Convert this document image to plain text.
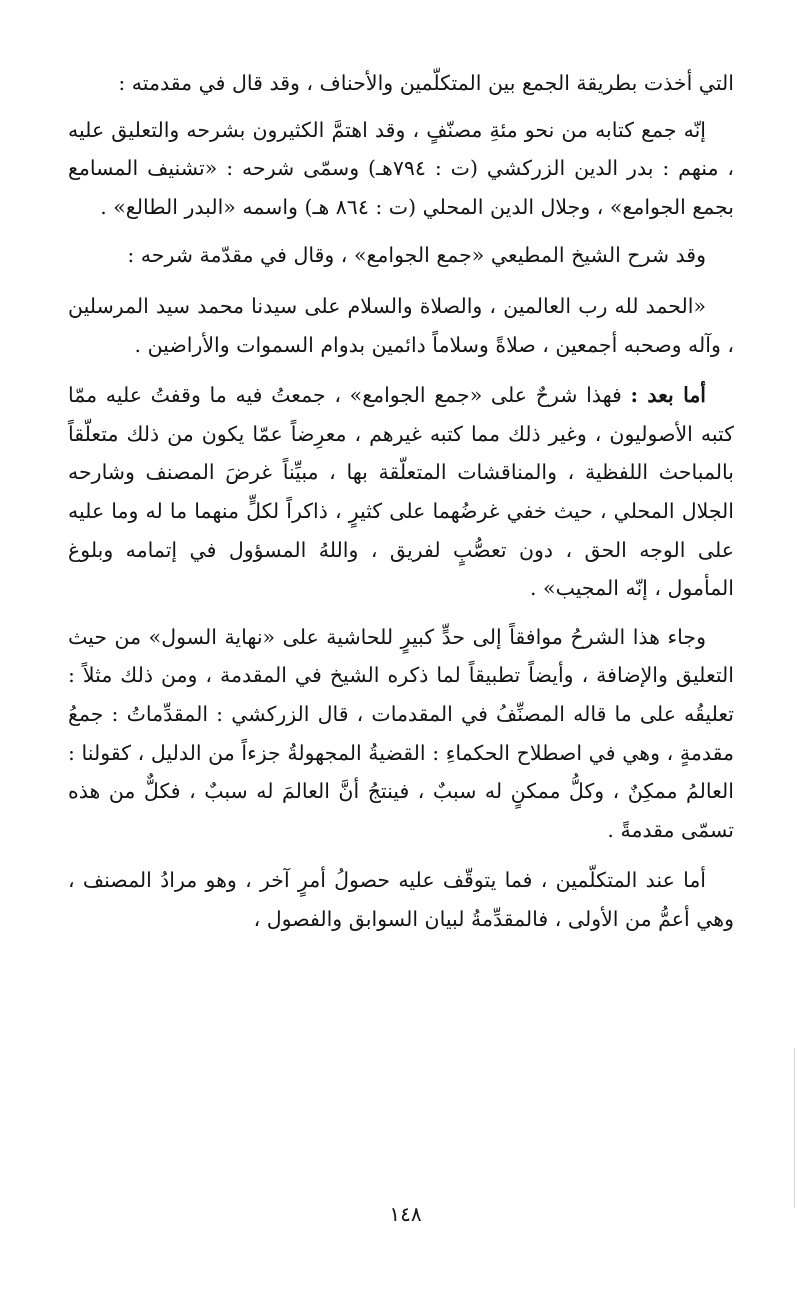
التي أخذت بطريقة الجمع بين المتكلّمين والأحناف ، وقد قال في مقدمته :

إنّه جمع كتابه من نحو مئةِ مصنّفٍ ، وقد اهتمَّ الكثيرون بشرحه والتعليق عليه ، منهم : بدر الدين الزركشي (ت : ٧٩٤هـ) وسمّى شرحه : «تشنيف المسامع بجمع الجوامع» ، وجلال الدين المحلي (ت : ٨٦٤ هـ) واسمه «البدر الطالع» .

وقد شرح الشيخ المطيعي «جمع الجوامع» ، وقال في مقدّمة شرحه :

«الحمد لله رب العالمين ، والصلاة والسلام على سيدنا محمد سيد المرسلين ، وآله وصحبه أجمعين ، صلاةً وسلاماً دائمين بدوام السموات والأراضين .

أما بعد : فهذا شرحٌ على «جمع الجوامع» ، جمعتُ فيه ما وقفتُ عليه ممّا كتبه الأصوليون ، وغير ذلك مما كتبه غيرهم ، معرِضاً عمّا يكون من ذلك متعلّقاً بالمباحث اللفظية ، والمناقشات المتعلّقة بها ، مبيِّناً غرضَ المصنف وشارحه الجلال المحلي ، حيث خفي غرضُهما على كثيرٍ ، ذاكراً لكلٍّ منهما ما له وما عليه على الوجه الحق ، دون تعصُّبٍ لفريق ، واللهُ المسؤول في إتمامه وبلوغ المأمول ، إنّه المجيب» .

وجاء هذا الشرحُ موافقاً إلى حدٍّ كبيرٍ للحاشية على «نهاية السول» من حيث التعليق والإضافة ، وأيضاً تطبيقاً لما ذكره الشيخ في المقدمة ، ومن ذلك مثلاً : تعليقُه على ما قاله المصنِّفُ في المقدمات ، قال الزركشي : المقدِّماتُ : جمعُ مقدمةٍ ، وهي في اصطلاح الحكماءِ : القضيةُ المجهولةُ جزءاً من الدليل ، كقولنا : العالمُ ممكِنٌ ، وكلُّ ممكنٍ له سببٌ ، فينتجُ أنَّ العالمَ له سببٌ ، فكلٌّ من هذه تسمّى مقدمةً .

أما عند المتكلّمين ، فما يتوقّف عليه حصولُ أمرٍ آخر ، وهو مرادُ المصنف ، وهي أعمُّ من الأولى ، فالمقدِّمةُ لبيان السوابق والفصول ،

١٤٨
